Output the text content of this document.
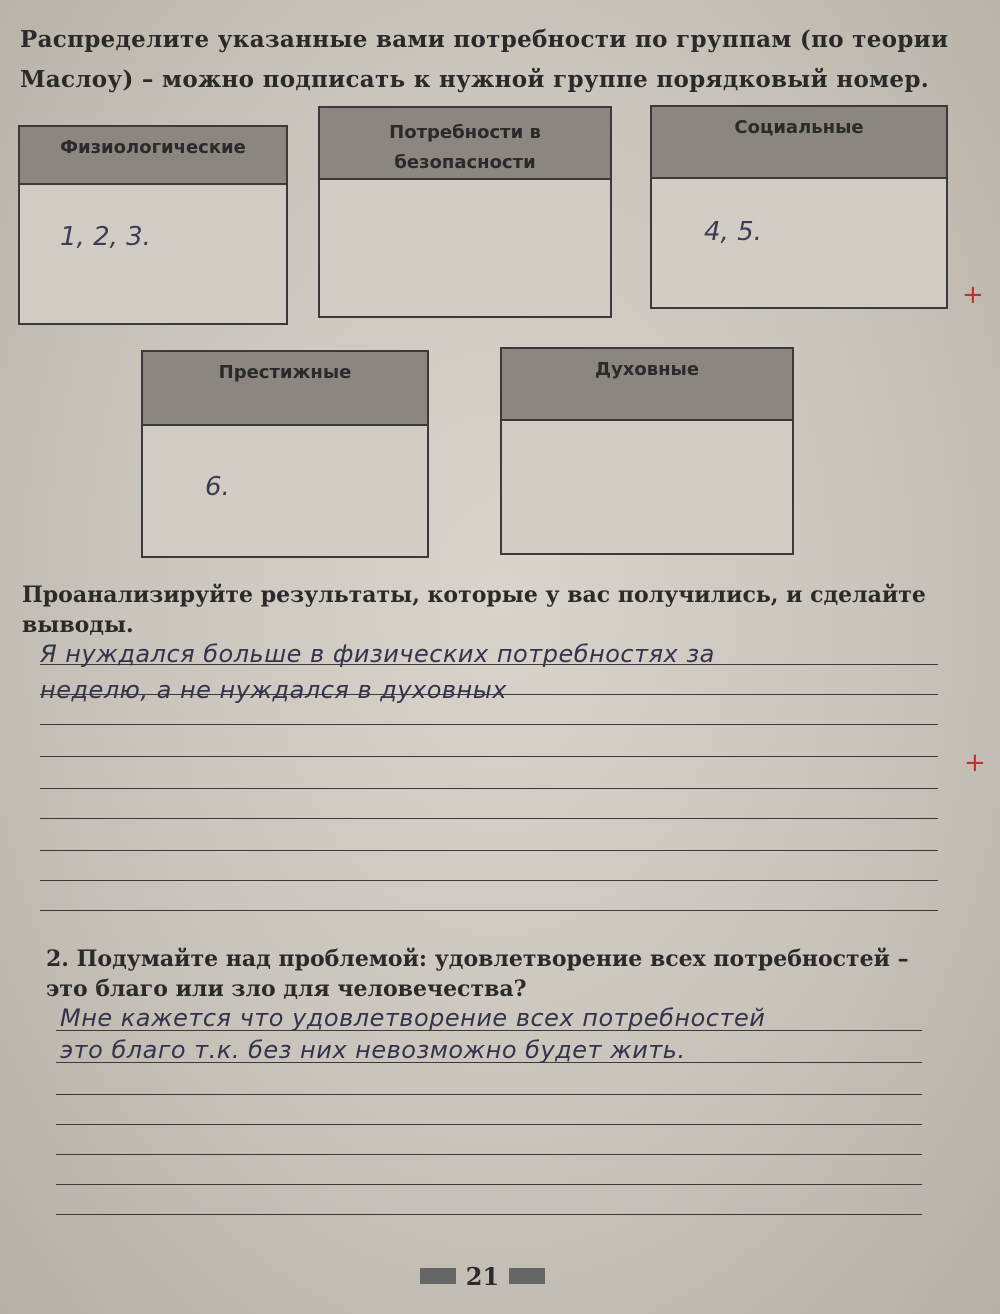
Распределите указанные вами потребности по группам (по теории Маслоу) – можно подписать к нужной группе порядковый номер.
Физиологические
1, 2, 3.
Потребности в безопасности
Социальные
4, 5.
+
Престижные
6.
Духовные
Проанализируйте результаты, которые у вас получились, и сделайте выводы.
Я нуждался больше в физических потребностях за
неделю, а не нуждался в духовных
+
2. Подумайте над проблемой: удовлетворение всех потребностей – это благо или зло для человечества?
Мне кажется что удовлетворение всех потребностей
это благо т.к. без них невозможно будет жить.
21
